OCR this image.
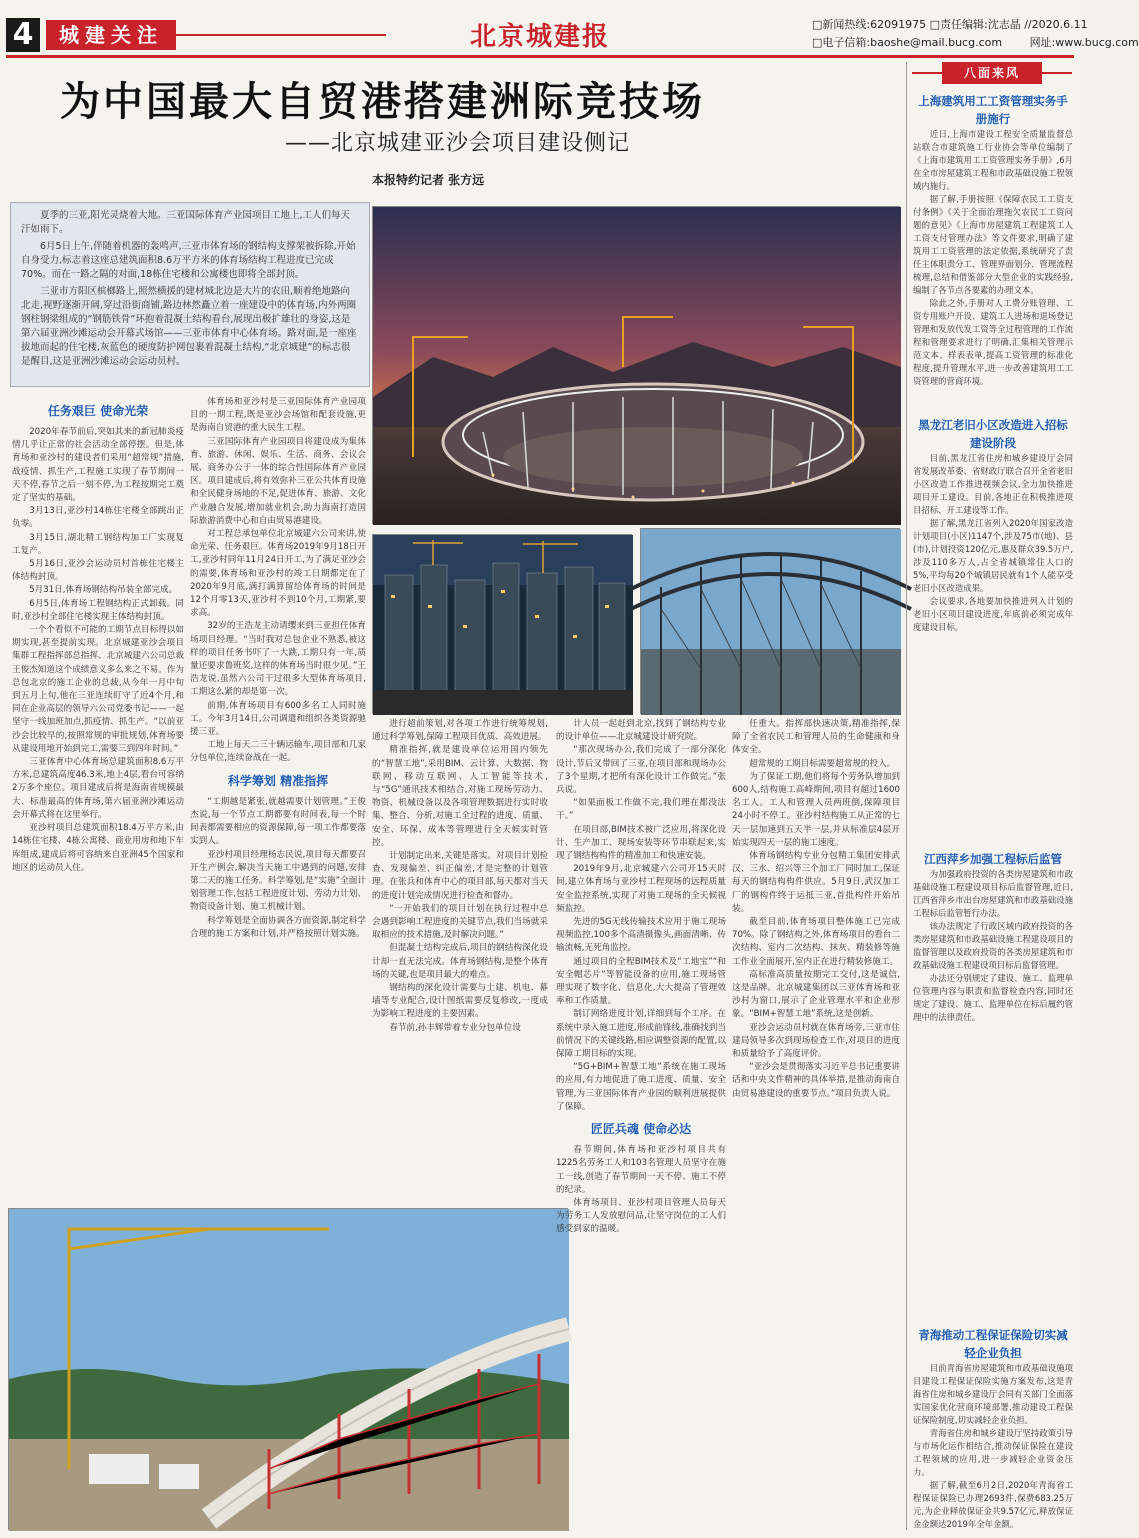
4	城建关注	北京城建报	□新闻热线:62091975 □责任编辑:沈志晶 //2020.6.11
□电子信箱:baoshe@mail.bucg.com	网址:www.bucg.com
为中国最大自贸港搭建洲际竞技场
——北京城建亚沙会项目建设侧记
本报特约记者 张方远

夏季的三亚,阳光灵烧着大地。三亚国际体育产业园项目工地上,工人们每天汗如雨下。

6月5日上午,伴随着机器的轰鸣声,三亚市体育场的钢结构支撑架被拆除,开始自身受力,标志着这座总建筑面积8.6万平方米的体育场结构工程进度已完成70%。而在一路之隔的对面,18栋住宅楼和公寓楼也即将全部封顶。

三亚市方阳区槟榔路上,照然横援的建材城北边是大片的农田,顺着绝地路向北走,视野逐渐开阔,穿过沿街商铺,路边林然矗立着一座建设中的体育场,内外两圈钢柱钢梁组成的“钢筋铁骨”环抱着混凝土结构看台,展现出极扩雄壮的身姿,这是第六届亚洲沙滩运动会开幕式场馆——三亚市体育中心体育场。路对面,是一座座拔地而起的住宅楼,灰蓝色的硬度防护网包裹着混凝土结构,“北京城建”的标志很是醒目,这是亚洲沙滩运动会运动员村。

任务艰巨 使命光荣

2020年春节前后,突如其来的新冠肺炎疫情几乎让正常的社会活动全部停摆。但是,体育场和亚沙村的建设者们采用“超常规”措施,战疫情、抓生产,工程施工实现了春节期间一天不停,春节之后一刻不停,为工程按期完工奠定了坚实的基础。

3月13日,亚沙村14栋住宅楼全部跳出正负零。

3月15日,湖北精工钢结构加工厂实现复工复产。

5月16日,亚沙会运动员村首栋住宅楼主体结构封顶。

5月31日,体育场钢结构吊装全部完成。

6月5日,体育场工程钢结构正式卸载。同时,亚沙村全部住宅楼实现主体结构封顶。

一个个看似不可能的工期节点目标得以如期实现,甚至提前实现。北京城建亚沙会项目集群工程指挥部总指挥、北京城建六公司总裁王俊杰知道这个成绩意义多么来之不易。作为总包北京的施工企业的总裁,从今年一月中旬到五月上旬,他在三亚连续盯守了近4个月,和同在企业高层的领导六公司党委书记——一起坚守一线加班加点,抓疫情、抓生产。“以前亚沙会比较早的,按照常规的审批规划,体育场要从建设用地开始到完工,需要三到四年时间。”

三亚体育中心体育场总建筑面积8.6万平方米,总建筑高度46.3米,地上4层,看台可容纳2万多个座位。项目建成后将是海南省规模最大、标准最高的体育场,第六届亚洲沙滩运动会开幕式将在这里举行。

亚沙村项目总建筑面积18.4万平方米,由14栋住宅楼、4栋公寓楼、商业用房和地下车库组成,建成后将可容纳来自亚洲45个国家和地区的运动员入住。

体育场和亚沙村是三亚国际体育产业园项目的一期工程,既是亚沙会场馆和配套设施,更是海南自贸港的重大民生工程。

三亚国际体育产业园项目将建设成为集体育、旅游、休闲、娱乐、生活、商务、会议会展、商务办公于一体的综合性国际体育产业园区。项目建成后,将有效弥补三亚公共体育设施和全民健身场地的不足,促进体育、旅游、文化产业融合发展,增加就业机会,助力海南打造国际旅游消费中心和自由贸易港建设。

对工程总承包单位北京城建六公司来讲,使命光荣、任务艰巨。体育场2019年9月18日开工,亚沙村同年11月24日开工,为了满足亚沙会的需要,体育场和亚沙村的竣工日期都定在了2020年9月底,满打满算留给体育场的时间是12个月零13天,亚沙村不到10个月,工期紧,要求高。

32岁的王浩龙主动请缨来到三亚担任体育场项目经理。“当时我对总包企业不熟悉,被这样的项目任务书吓了一大跳,工期只有一年,质量还要求鲁班奖,这样的体育场当时很少见。”王浩龙说,虽然六公司干过很多大型体育场项目,工期这么紧的却是第一次。

前期,体育场项目有600多名工人同时施工。今年3月14日,公司调遣和组织各类资源驰援三亚。

工地上每天二三十辆运输车,项目部和几家分包单位,连续奋战在一起。

科学筹划 精准指挥

“工期越是紧张,就越需要计划管理。”王俊杰说,每一个节点工期都要有时间表,每一个时间表都需要相应的资源保障,每一项工作都要落实到人。

亚沙村项目经理杨志民说,项目每天都要召开生产例会,解决当天施工中遇到的问题,安排第二天的施工任务。科学筹划,是“实施”全面计划管理工作,包括工程进度计划、劳动力计划、物资设备计划、施工机械计划。

科学筹划是全面协调各方面资源,制定科学合理的施工方案和计划,并严格按照计划实施。

进行超前策划,对各项工作进行统筹规划,通过科学筹划,保障工程项目优质、高效进展。

精准指挥,就是建设单位运用国内领先的“智慧工地”,采用BIM、云计算、大数据、物联网、移动互联网、人工智能等技术,与“5G”通讯技术相结合,对施工现场劳动力、物资、机械设备以及各项管理数据进行实时收集、整合、分析,对施工全过程的进度、质量、安全、环保、成本等管理进行全天候实时管控。

计划制定出来,关键是落实。对项目计划检查、发现偏差、纠正偏差,才是完整的计划管理。在张兵和体育中心的项目部,每天都对当天的进度计划完成情况进行检查和督办。

“一开始我们的项目计划在执行过程中总会遇到影响工程进度的关键节点,我们当场就采取相应的技术措施,及时解决问题。”

但混凝土结构完成后,项目的钢结构深化设计却一直无法完成。体育场钢结构,是整个体育场的关键,也是项目最大的难点。

钢结构的深化设计需要与土建、机电、幕墙等专业配合,设计图纸需要反复修改,一度成为影响工程进度的主要因素。

春节前,孙丰辉带着专业分包单位设

计人员一起赶到北京,找到了钢结构专业的设计单位——北京城建设计研究院。

“那次现场办公,我们完成了一部分深化设计,节后又带回了三亚,在项目部和现场办公了3个星期,才把所有深化设计工作做完。”张兵说。

“如果面板工作做不完,我们理在都没法干。”

在项目部,BIM技术被广泛应用,将深化设计、生产加工、现场安装等环节串联起来,实现了钢结构构件的精准加工和快速安装。

2019年9月,北京城建六公司开15天时间,建立体育场与亚沙村工程现场的远程质量安全监控系统,实现了对施工现场的全天候视频监控。

先进的5G无线传输技术应用于施工现场视频监控,100多个高清摄像头,画面清晰、传输流畅,无死角监控。

通过项目的全程BIM技术及“工地宝”“和安全帽芯片”等智能设备的应用,施工现场管理实现了数字化、信息化,大大提高了管理效率和工作质量。

制订网络进度计划,详细到每个工序。在系统中录入施工进度,形成前锋线,准确找到当前情况下的关键线路,相应调整资源的配置,以保障工期目标的实现。

“5G+BIM+智慧工地”系统在施工现场的应用,有力地促进了施工进度、质量、安全管理,为三亚国际体育产业园的顺利进展提供了保障。

匠匠兵魂 使命必达

春节期间,体育场和亚沙村项目共有1225名劳务工人和103名管理人员坚守在施工一线,创造了春节期间一天不停、施工不停的纪录。

体育场项目、亚沙村项目管理人员每天为劳务工人发放慰问品,让坚守岗位的工人们感受到家的温暖。

任重大。指挥部快速决策,精准指挥,保障了全省农民工和管理人员的生命健康和身体安全。

超常规的工期目标需要超常规的投入。

为了保证工期,他们将每个劳务队增加到600人,结构施工高峰期间,项目有超过1600名工人。工人和管理人员两班倒,保障项目24小时不停工。亚沙村结构施工从正常的七天一层加速到五天半一层,并从标准层4层开始实现四天一层的施工速度。

体育场钢结构专业分包精工集团安排武汉、三水、绍兴等三个加工厂同时加工,保证每天的钢结构构件供应。5月9日,武汉加工厂的钢构件终于运抵三亚,首批构件开始吊装。

截至目前,体育场项目整体施工已完成70%。除了钢结构之外,体育场项目的看台二次结构、室内二次结构、抹灰、精装修等施工作业全面展开,室内正在进行精装修施工。

高标准高质量按期完工交付,这是诚信,这是品牌。北京城建集团以三亚体育场和亚沙村为窗口,展示了企业管理水平和企业形象。“BIM+智慧工地”系统,这是创新。

亚沙会运动员村就在体育场旁,三亚市住建局领导多次到现场检查工作,对项目的进度和质量给予了高度评价。

“亚沙会是贯彻落实习近平总书记重要讲话和中央文件精神的具体举措,是推动海南自由贸易港建设的重要节点。”项目负责人说。

八面来风
上海建筑用工工资管理实务手册施行

近日,上海市建设工程安全质量监督总站联合市建筑施工行业协会等单位编制了《上海市建筑用工工资管理实务手册》,6月在全市房屋建筑工程和市政基础设施工程领域内施行。

据了解,手册按照《保障农民工工资支付条例》《关于全面治理拖欠农民工工资问题的意见》《上海市房屋建筑工程建筑工人工资支付管理办法》等文件要求,明确了建筑用工工资管理的法定依据,系统研究了责任主体职责分工、管理界面划分、管理流程梳理,总结和借鉴部分大型企业的实践经验,编制了各节点各要素的办理文本。

除此之外,手册对人工费分账管理、工资专用账户开设、建筑工人进场和退场登记管理和发放代发工资等全过程管理的工作流程和管理要求进行了明确,汇集相关管理示范文本、样表表单,提高工资管理的标准化程度,提升管理水平,进一步改善建筑用工工资管理的营商环境。

黑龙江老旧小区改造进入招标建设阶段

目前,黑龙江省住房和城乡建设厅会同省发展改革委、省财政厅联合召开全省老旧小区改造工作推进视频会议,全力加快推进项目开工建设。目前,各地正在积极推进项目招标、开工建设等工作。

据了解,黑龙江省列入2020年国家改造计划项目(小区)1147个,涉及75市(地)、县(市),计划投资120亿元,惠及群众39.5万户,涉及110多万人,占全省城镇常住人口的5%,平均每20个城镇居民就有1个人能享受老旧小区改造成果。

会议要求,各地要加快推进列入计划的老旧小区项目建设进度,年底前必须完成年度建设目标。

江西萍乡加强工程标后监管

为加强政府投资的各类房屋建筑和市政基础设施工程建设项目标后监督管理,近日,江西省萍乡市出台房屋建筑和市政基础设施工程标后监管暂行办法。

该办法规定了行政区域内政府投资的各类房屋建筑和市政基础设施工程建设项目的监督管理以及政府投资的各类房屋建筑和市政基础设施工程建设项目标后监督管理。

办法还分别规定了建设、施工、监理单位管理内容与职责和监督检查内容,同时还规定了建设、施工、监理单位在标后履约管理中的法律责任。

青海推动工程保证保险切实减轻企业负担

目前青海省房屋建筑和市政基础设施项目建设工程保证保险实施方案发布,这是青海省住房和城乡建设厅会同有关部门全面落实国家优化营商环境部署,推动建设工程保证保险制度,切实减轻企业负担。

青海省住房和城乡建设厅坚持政策引导与市场化运作相结合,推动保证保险在建设工程领域的应用,进一步减轻企业资金压力。

据了解,截至6月2日,2020年青海省工程保证保险已办理2693件,保费683.25万元,为企业释放保证金共9.57亿元,释放保证金金额达2019年全年金额。
